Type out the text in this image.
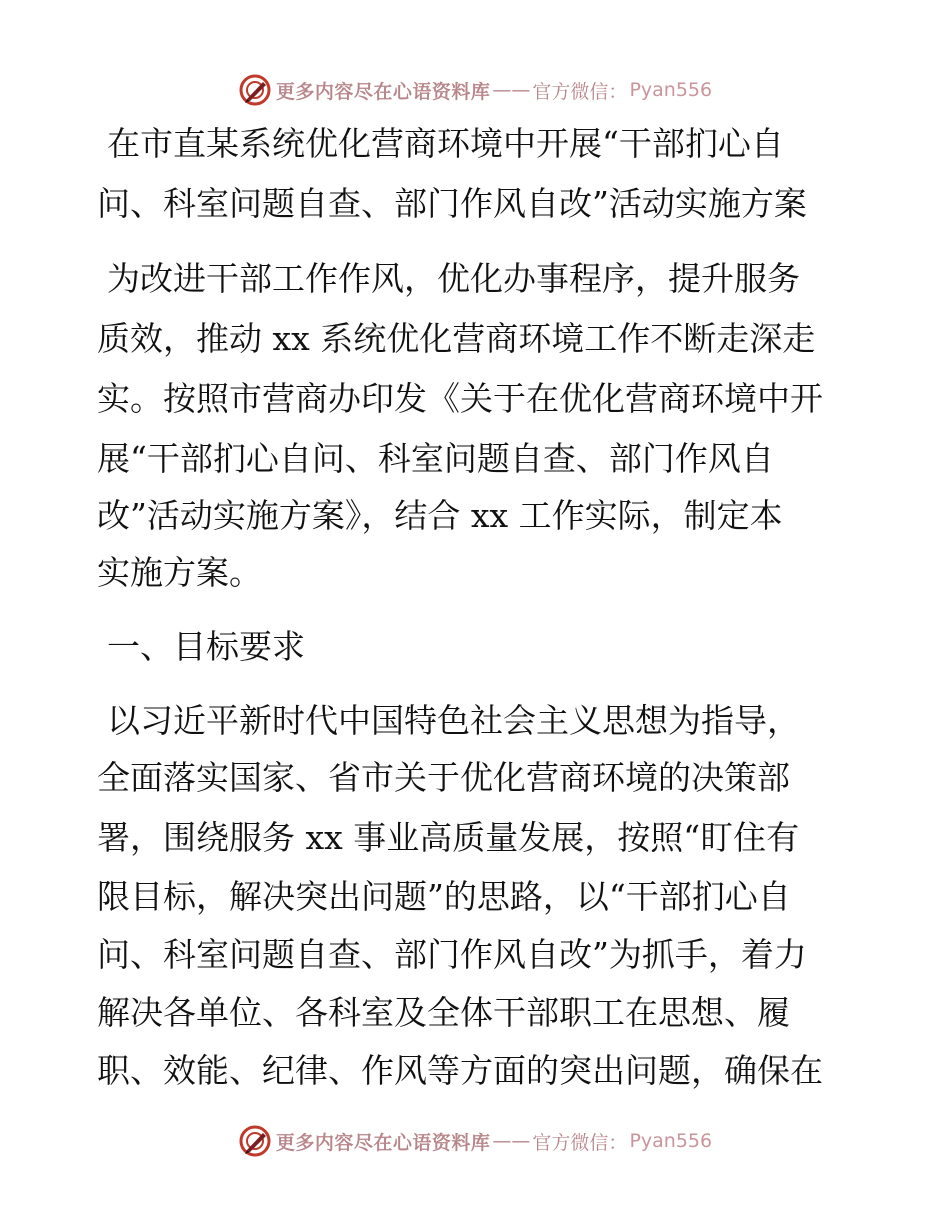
更多内容尽在心语资料库 —— 官方微信： Pyan556
在市直某系统优化营商环境中开展“干部扪心自
问、科室问题自查、部门作风自改”活动实施方案
为改进干部工作作风，优化办事程序，提升服务
质效，推动 xx 系统优化营商环境工作不断走深走
实。按照市营商办印发《关于在优化营商环境中开
展“干部扪心自问、科室问题自查、部门作风自
改”活动实施方案》，结合 xx 工作实际，制定本
实施方案。
一、目标要求
以习近平新时代中国特色社会主义思想为指导，
全面落实国家、省市关于优化营商环境的决策部
署，围绕服务 xx 事业高质量发展，按照“盯住有
限目标，解决突出问题”的思路，以“干部扪心自
问、科室问题自查、部门作风自改”为抓手，着力
解决各单位、各科室及全体干部职工在思想、履
职、效能、纪律、作风等方面的突出问题，确保在
更多内容尽在心语资料库 —— 官方微信： Pyan556
